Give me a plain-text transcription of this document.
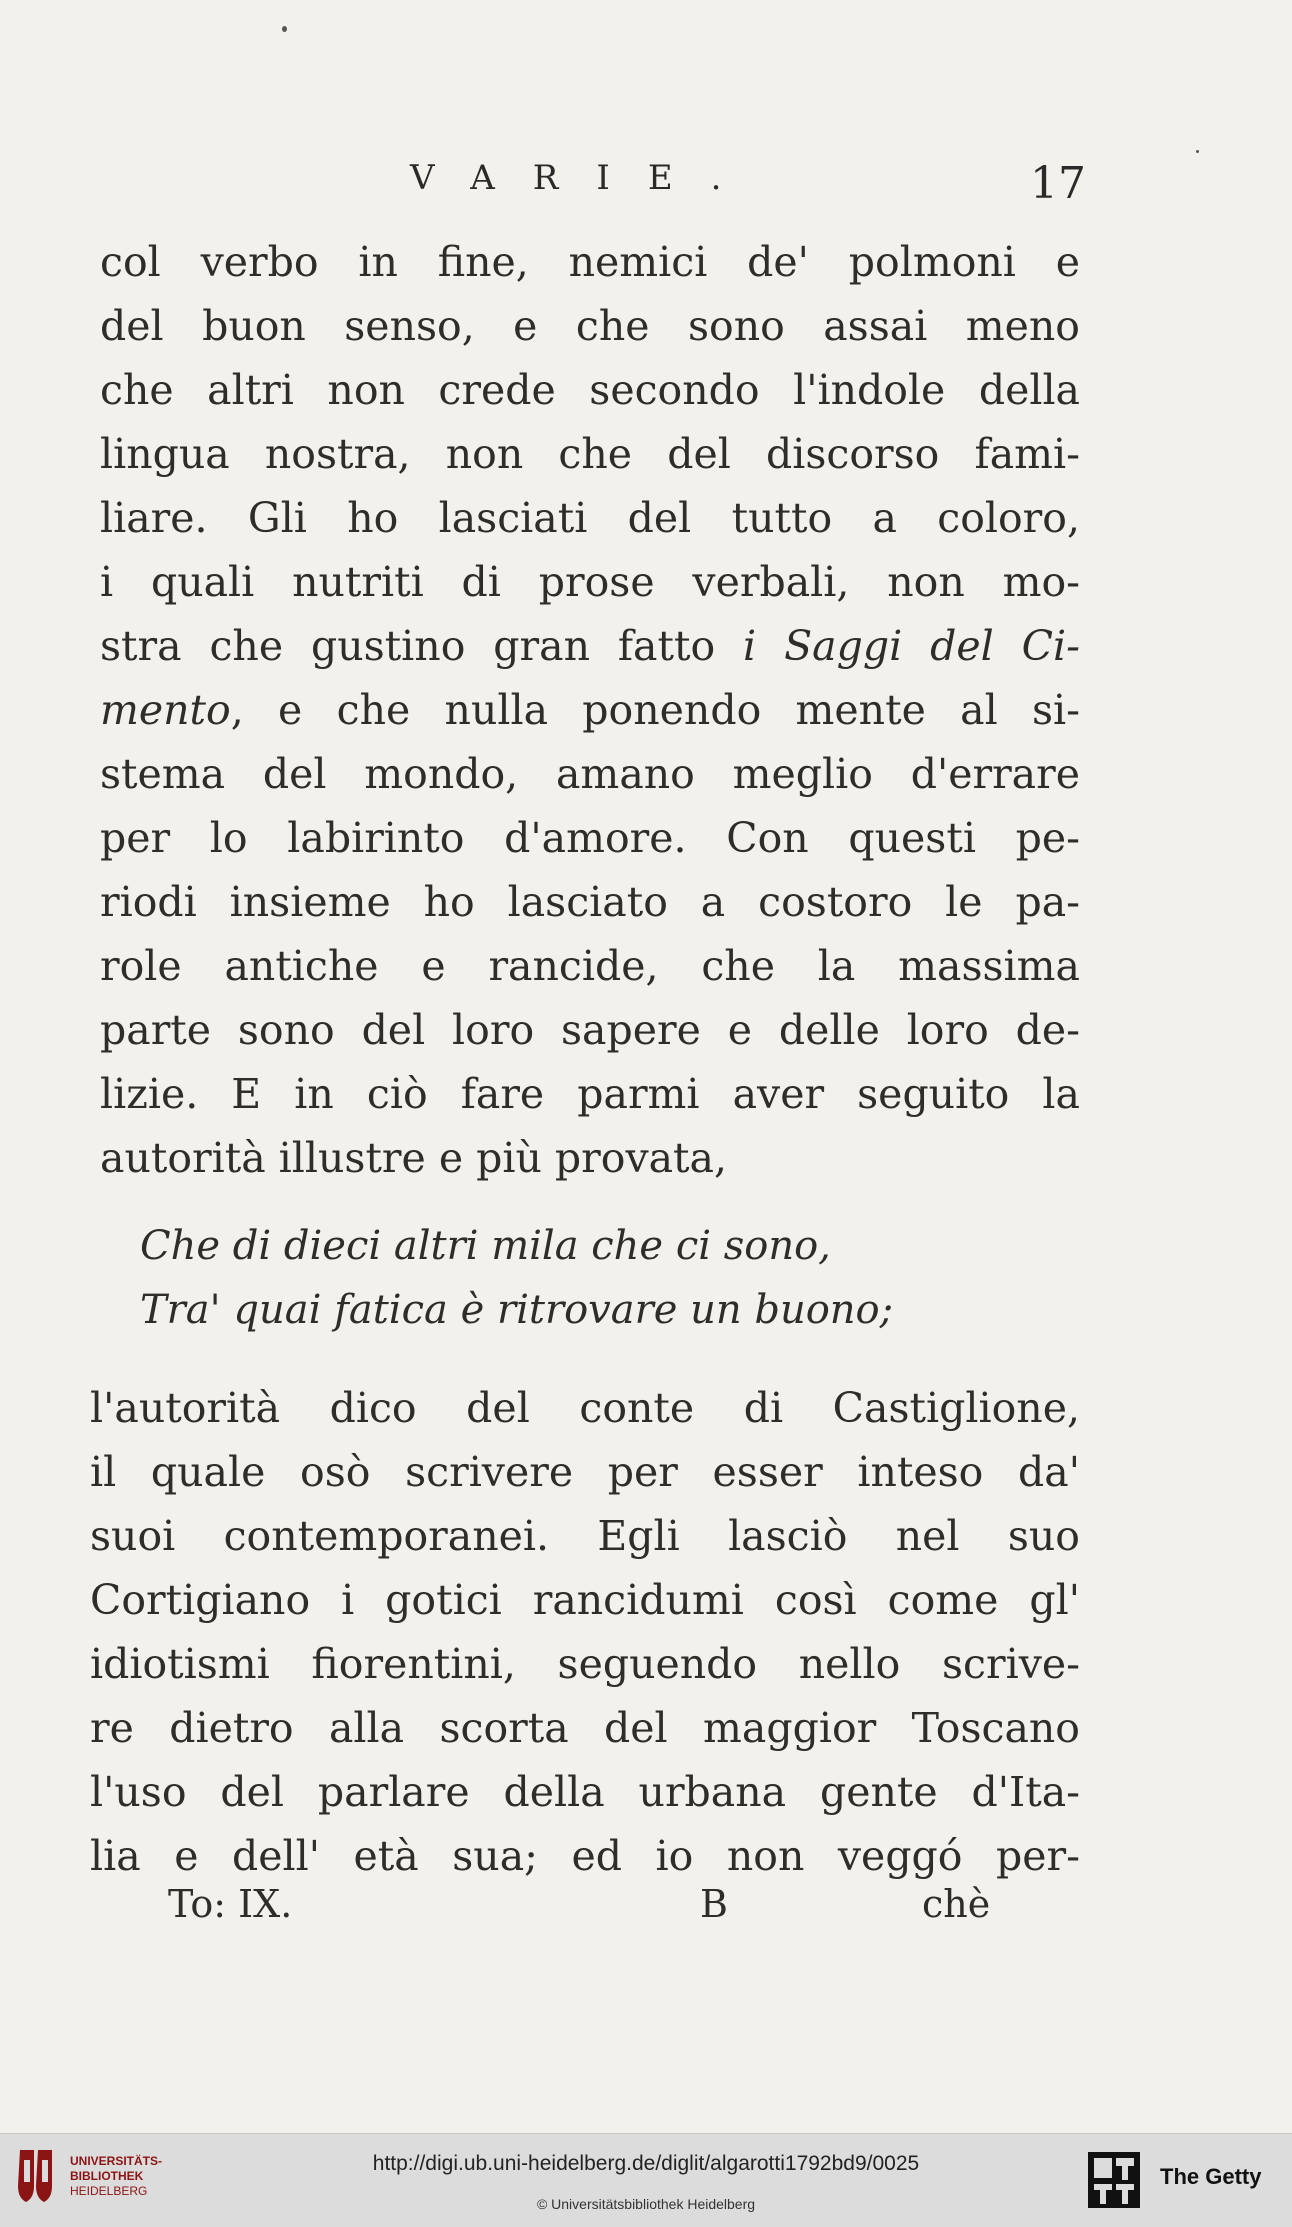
VARIE.	17
col verbo in fine, nemici de' polmoni e
del buon senso, e che sono assai meno
che altri non crede secondo l'indole della
lingua nostra, non che del discorso fami-
liare. Gli ho lasciati del tutto a coloro,
i quali nutriti di prose verbali, non mo-
stra che gustino gran fatto i Saggi del Ci-
mento, e che nulla ponendo mente al si-
stema del mondo, amano meglio d'errare
per lo labirinto d'amore. Con questi pe-
riodi insieme ho lasciato a costoro le pa-
role antiche e rancide, che la massima
parte sono del loro sapere e delle loro de-
lizie. E in ciò fare parmi aver seguito la
autorità illustre e più provata,
Che di dieci altri mila che ci sono,
Tra' quai fatica è ritrovare un buono;
l'autorità dico del conte di Castiglione,
il quale osò scrivere per esser inteso da'
suoi contemporanei. Egli lasciò nel suo
Cortigiano i gotici rancidumi così come gl'
idiotismi fiorentini, seguendo nello scrive-
re dietro alla scorta del maggior Toscano
l'uso del parlare della urbana gente d'Ita-
lia e dell' età sua; ed io non veggó per-
To: IX.	B	chè
UNIVERSITÄTS-
BIBLIOTHEK
HEIDELBERG
http://digi.ub.uni-heidelberg.de/diglit/algarotti1792bd9/0025
© Universitätsbibliothek Heidelberg
The Getty
